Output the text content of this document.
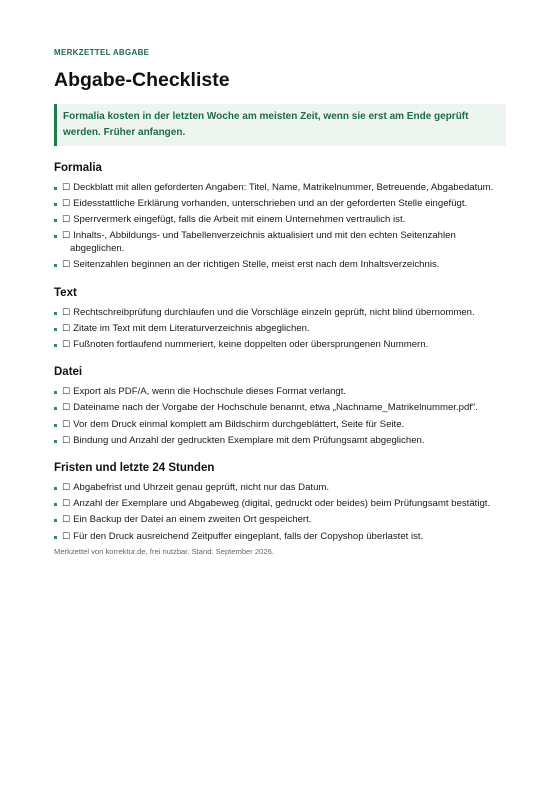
MERKZETTEL ABGABE
Abgabe-Checkliste
Formalia kosten in der letzten Woche am meisten Zeit, wenn sie erst am Ende geprüft werden. Früher anfangen.
Formalia
☐ Deckblatt mit allen geforderten Angaben: Titel, Name, Matrikelnummer, Betreuende, Abgabedatum.
☐ Eidesstattliche Erklärung vorhanden, unterschrieben und an der geforderten Stelle eingefügt.
☐ Sperrvermerk eingefügt, falls die Arbeit mit einem Unternehmen vertraulich ist.
☐ Inhalts-, Abbildungs- und Tabellenverzeichnis aktualisiert und mit den echten Seitenzahlen abgeglichen.
☐ Seitenzahlen beginnen an der richtigen Stelle, meist erst nach dem Inhaltsverzeichnis.
Text
☐ Rechtschreibprüfung durchlaufen und die Vorschläge einzeln geprüft, nicht blind übernommen.
☐ Zitate im Text mit dem Literaturverzeichnis abgeglichen.
☐ Fußnoten fortlaufend nummeriert, keine doppelten oder übersprungenen Nummern.
Datei
☐ Export als PDF/A, wenn die Hochschule dieses Format verlangt.
☐ Dateiname nach der Vorgabe der Hochschule benannt, etwa „Nachname_Matrikelnummer.pdf“.
☐ Vor dem Druck einmal komplett am Bildschirm durchgeblättert, Seite für Seite.
☐ Bindung und Anzahl der gedruckten Exemplare mit dem Prüfungsamt abgeglichen.
Fristen und letzte 24 Stunden
☐ Abgabefrist und Uhrzeit genau geprüft, nicht nur das Datum.
☐ Anzahl der Exemplare und Abgabeweg (digital, gedruckt oder beides) beim Prüfungsamt bestätigt.
☐ Ein Backup der Datei an einem zweiten Ort gespeichert.
☐ Für den Druck ausreichend Zeitpuffer eingeplant, falls der Copyshop überlastet ist.
Merkzettel von korrektur.de, frei nutzbar. Stand: September 2026.
